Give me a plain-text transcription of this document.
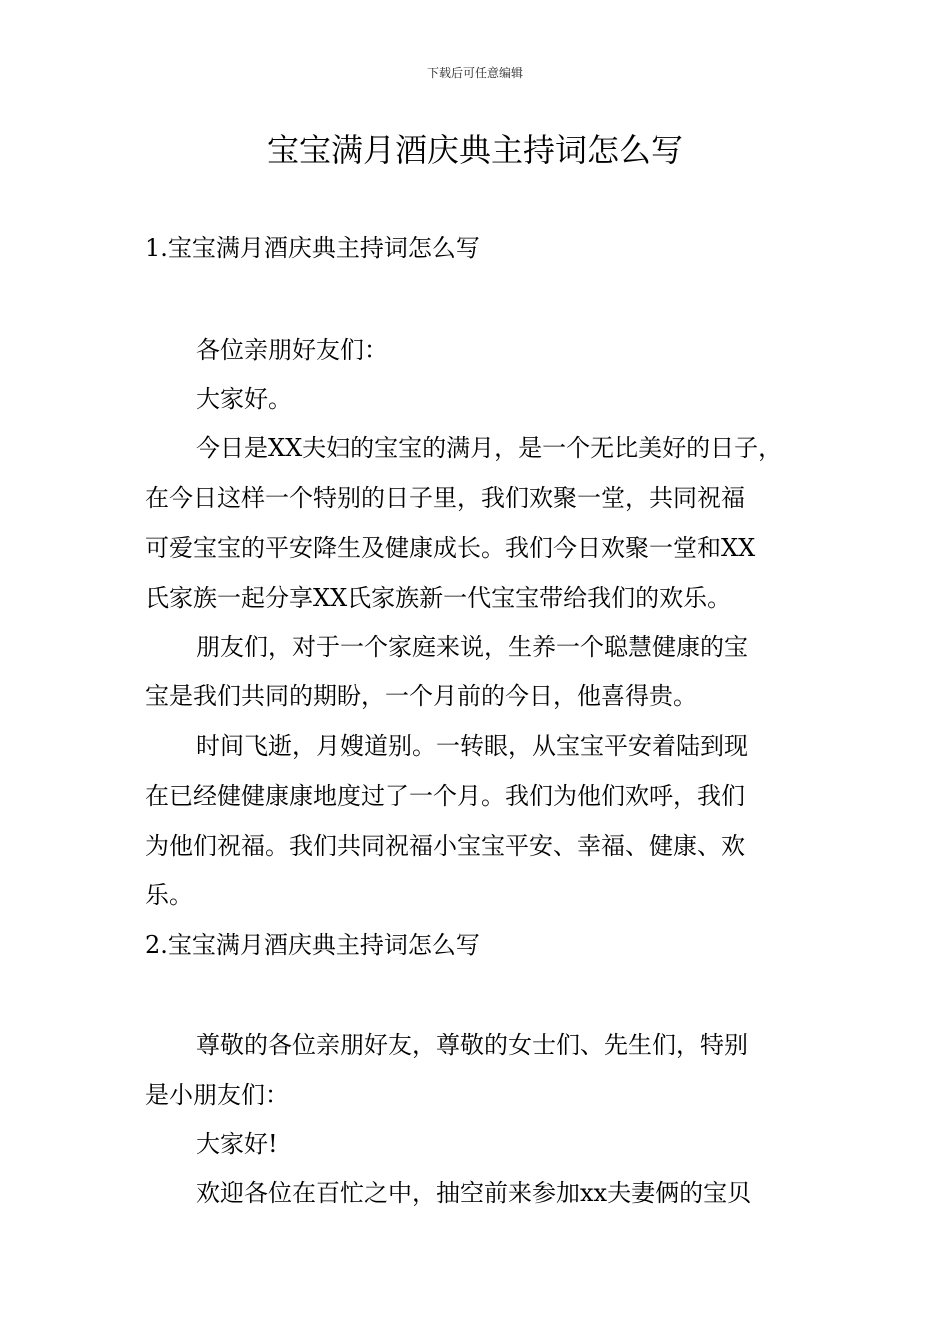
下载后可任意编辑
宝宝满月酒庆典主持词怎么写

1.宝宝满月酒庆典主持词怎么写

各位亲朋好友们：

大家好。

今日是XX夫妇的宝宝的满月，是一个无比美好的日子，

在今日这样一个特别的日子里，我们欢聚一堂，共同祝福

可爱宝宝的平安降生及健康成长。我们今日欢聚一堂和XX

氏家族一起分享XX氏家族新一代宝宝带给我们的欢乐。

朋友们，对于一个家庭来说，生养一个聪慧健康的宝

宝是我们共同的期盼，一个月前的今日，他喜得贵。

时间飞逝，月嫂道别。一转眼，从宝宝平安着陆到现

在已经健健康康地度过了一个月。我们为他们欢呼，我们

为他们祝福。我们共同祝福小宝宝平安、幸福、健康、欢

乐。

2.宝宝满月酒庆典主持词怎么写

尊敬的各位亲朋好友，尊敬的女士们、先生们，特别

是小朋友们：

大家好!

欢迎各位在百忙之中，抽空前来参加xx夫妻俩的宝贝
